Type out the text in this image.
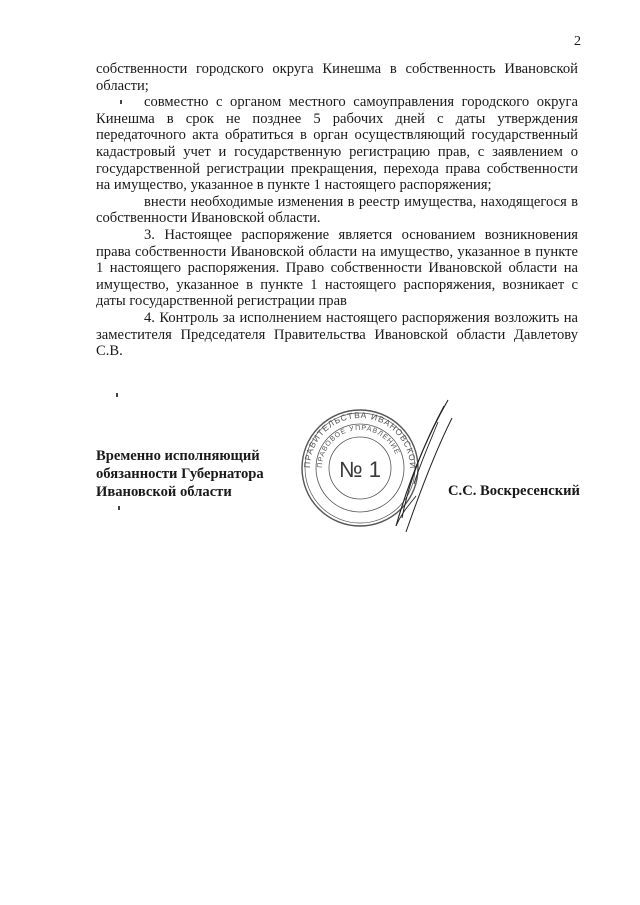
2

собственности городского округа Кинешма в собственность Ивановской области;

совместно с органом местного самоуправления городского округа Кинешма в срок не позднее 5 рабочих дней с даты утверждения передаточного акта обратиться в орган осуществляющий государственный кадастровый учет и государственную регистрацию прав, с заявлением о государственной регистрации прекращения, перехода права собственности на имущество, указанное в пункте 1 настоящего распоряжения;

внести необходимые изменения в реестр имущества, находящегося в собственности Ивановской области.

3. Настоящее распоряжение является основанием возникновения права собственности Ивановской области на имущество, указанное в пункте 1 настоящего распоряжения. Право собственности Ивановской области на имущество, указанное в пункте 1 настоящего распоряжения, возникает с даты государственной регистрации прав

4. Контроль за исполнением настоящего распоряжения возложить на заместителя Председателя Правительства Ивановской области Давлетову С.В.

Временно исполняющий
обязанности Губернатора
Ивановской области
ПРАВИТЕЛЬСТВА ИВАНОВСКОЙ
ПРАВОВОЕ УПРАВЛЕНИЕ
№ 1
С.С. Воскресенский
